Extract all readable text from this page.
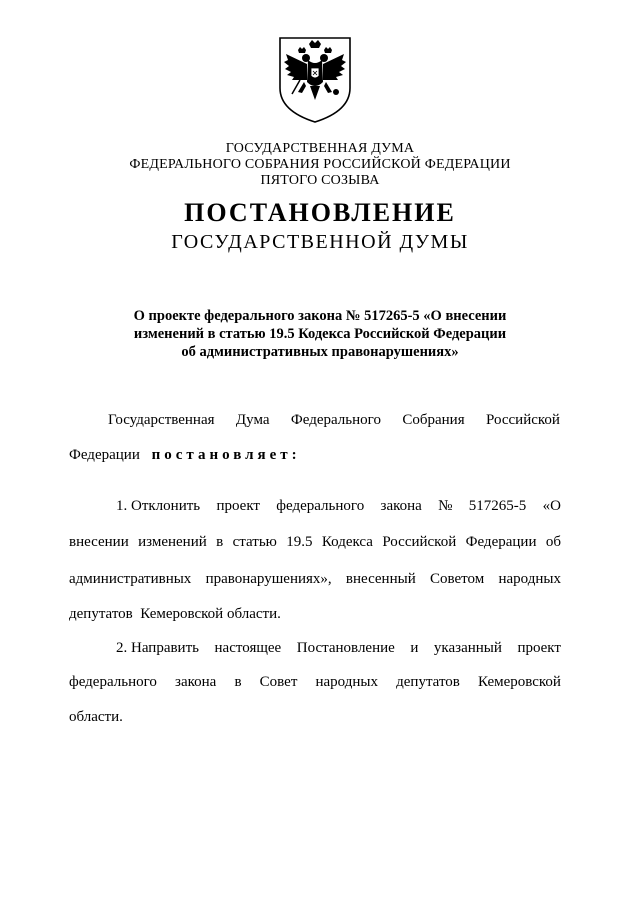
ГОСУДАРСТВЕННАЯ ДУМА
ФЕДЕРАЛЬНОГО СОБРАНИЯ РОССИЙСКОЙ ФЕДЕРАЦИИ
ПЯТОГО СОЗЫВА
ПОСТАНОВЛЕНИЕ
ГОСУДАРСТВЕННОЙ ДУМЫ
О проекте федерального закона № 517265-5 «О внесении
изменений в статью 19.5 Кодекса Российской Федерации
об административных правонарушениях»
Государственная Дума Федерального Собрания Российской
Федерации постановляет:
1. Отклонить проект федерального закона № 517265-5 «О
внесении изменений в статью 19.5 Кодекса Российской Федерации об
административных правонарушениях», внесенный Советом народных
депутатов  Кемеровской области.
2. Направить настоящее Постановление и указанный проект
федерального закона в Совет народных депутатов Кемеровской
области.
